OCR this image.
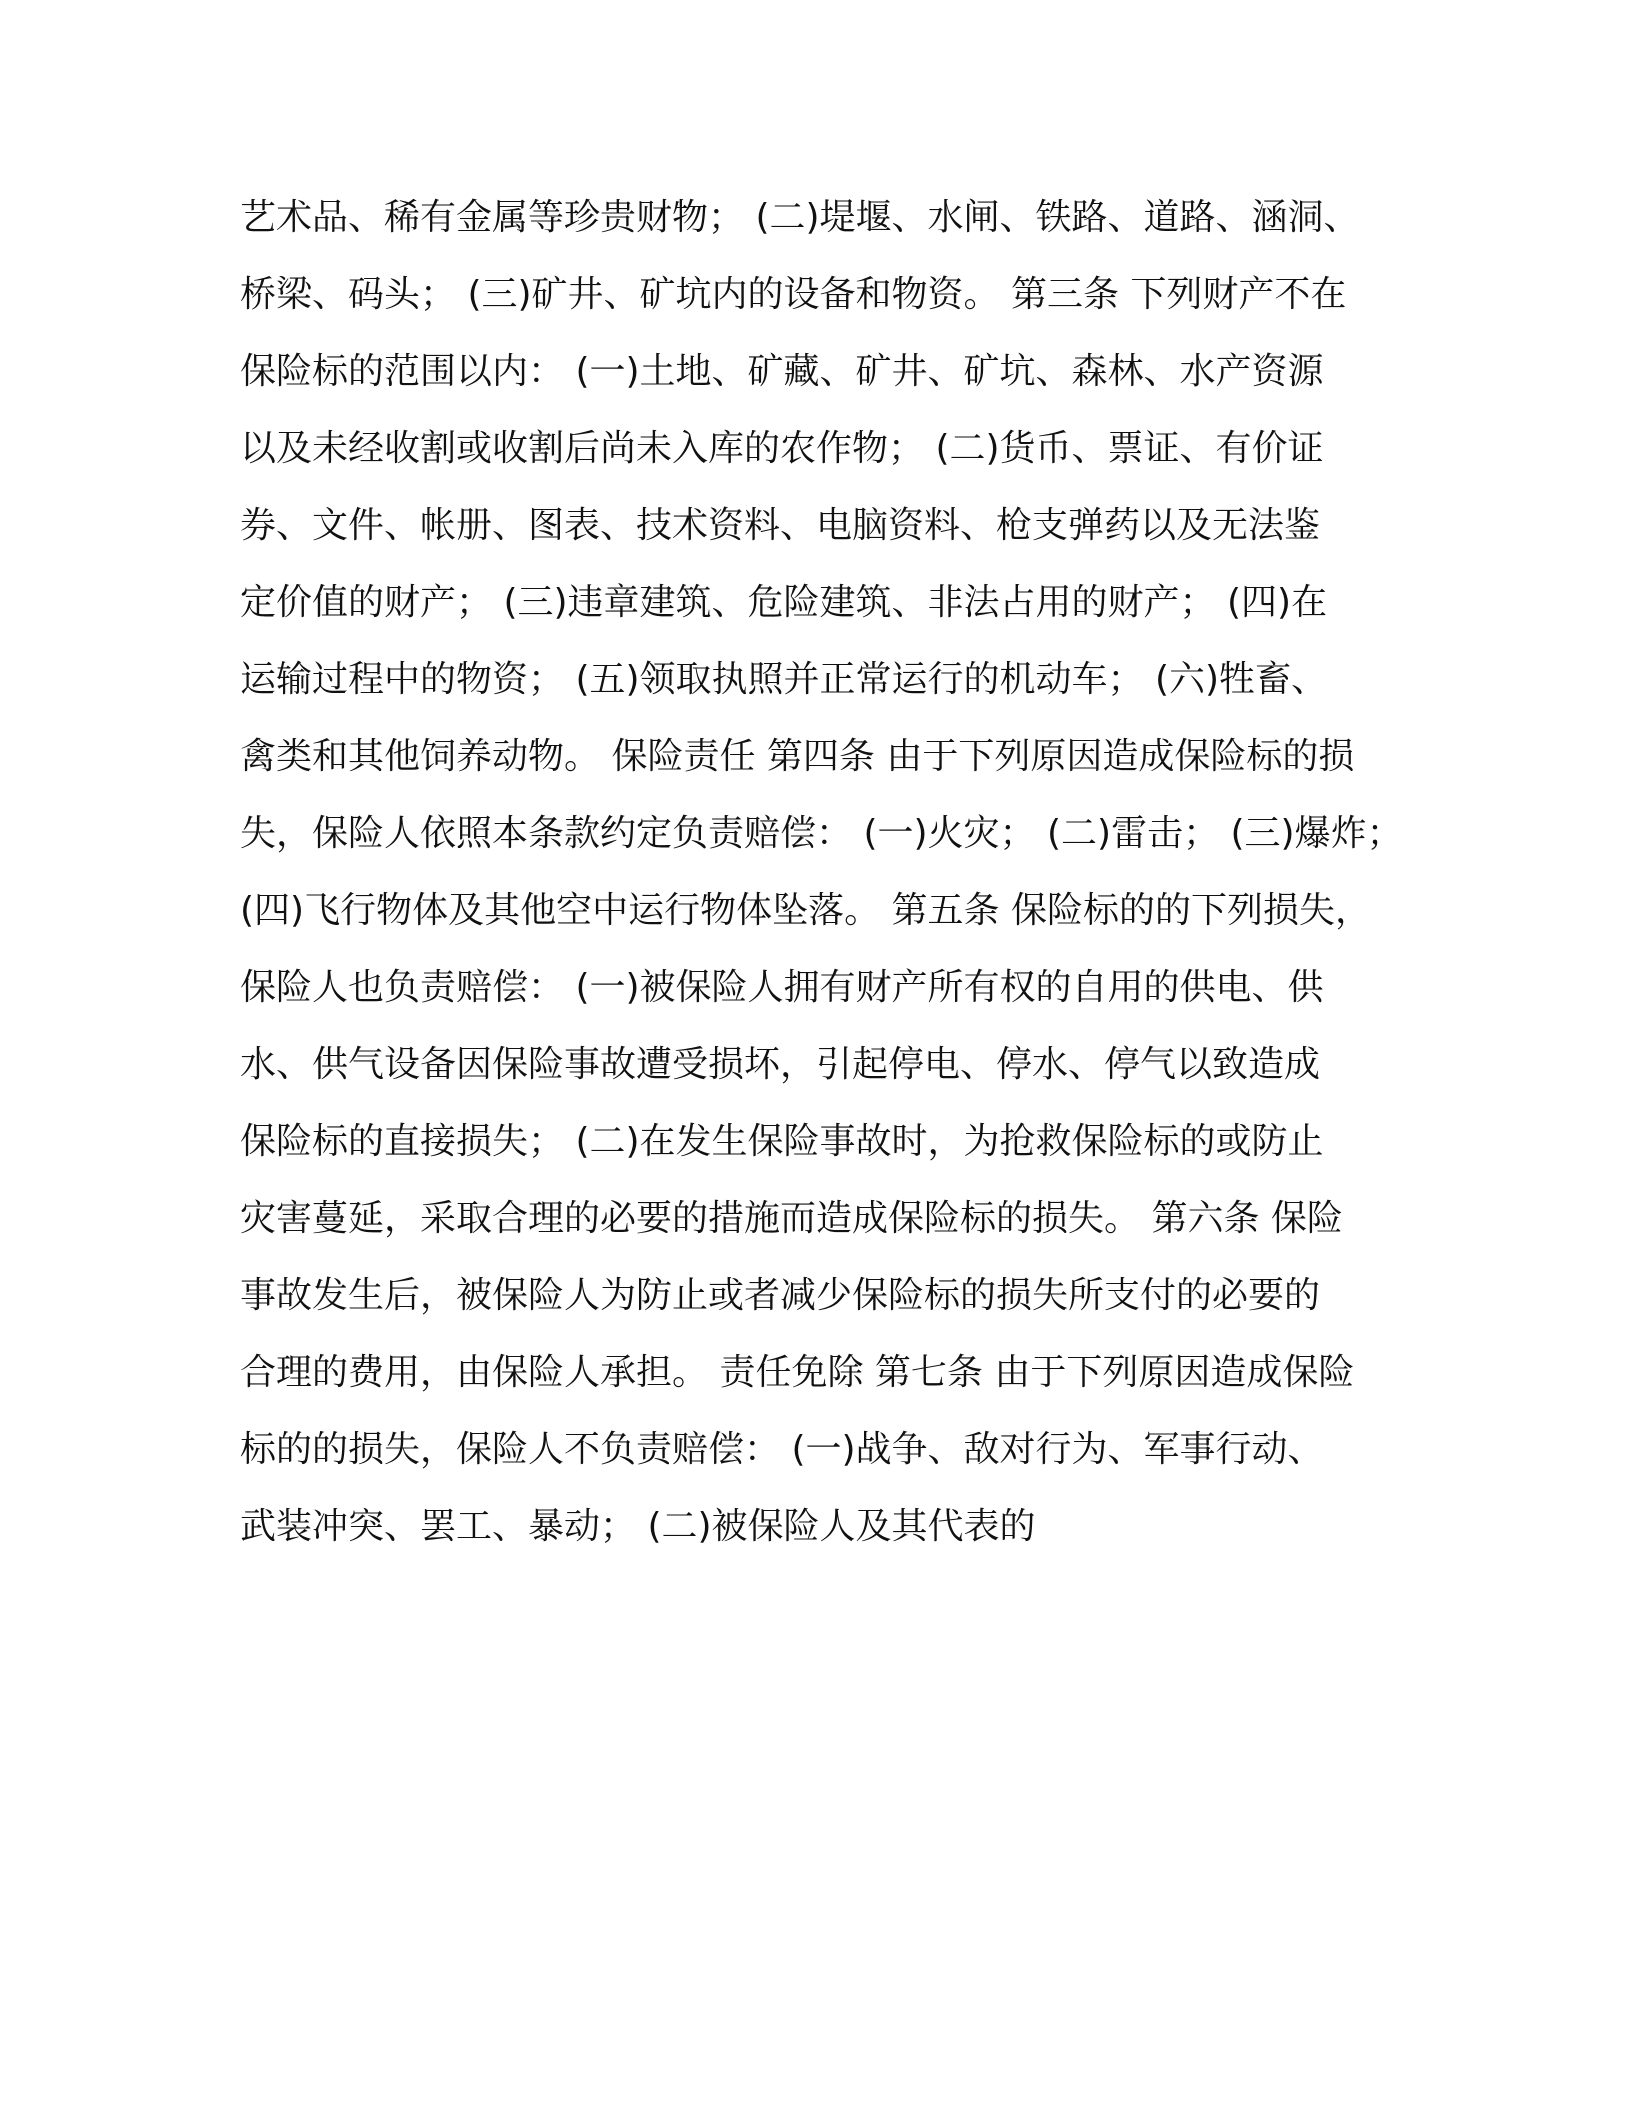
艺术品、稀有金属等珍贵财物； (二)堤堰、水闸、铁路、道路、涵洞、
桥梁、码头； (三)矿井、矿坑内的设备和物资。 第三条 下列财产不在
保险标的范围以内： (一)土地、矿藏、矿井、矿坑、森林、水产资源
以及未经收割或收割后尚未入库的农作物； (二)货币、票证、有价证
券、文件、帐册、图表、技术资料、电脑资料、枪支弹药以及无法鉴
定价值的财产； (三)违章建筑、危险建筑、非法占用的财产； (四)在
运输过程中的物资； (五)领取执照并正常运行的机动车； (六)牲畜、
禽类和其他饲养动物。 保险责任 第四条 由于下列原因造成保险标的损
失，保险人依照本条款约定负责赔偿： (一)火灾； (二)雷击； (三)爆炸；
(四)飞行物体及其他空中运行物体坠落。 第五条 保险标的的下列损失，
保险人也负责赔偿： (一)被保险人拥有财产所有权的自用的供电、供
水、供气设备因保险事故遭受损坏，引起停电、停水、停气以致造成
保险标的直接损失； (二)在发生保险事故时，为抢救保险标的或防止
灾害蔓延，采取合理的必要的措施而造成保险标的损失。 第六条 保险
事故发生后，被保险人为防止或者减少保险标的损失所支付的必要的
合理的费用，由保险人承担。 责任免除 第七条 由于下列原因造成保险
标的的损失，保险人不负责赔偿： (一)战争、敌对行为、军事行动、
武装冲突、罢工、暴动； (二)被保险人及其代表的
